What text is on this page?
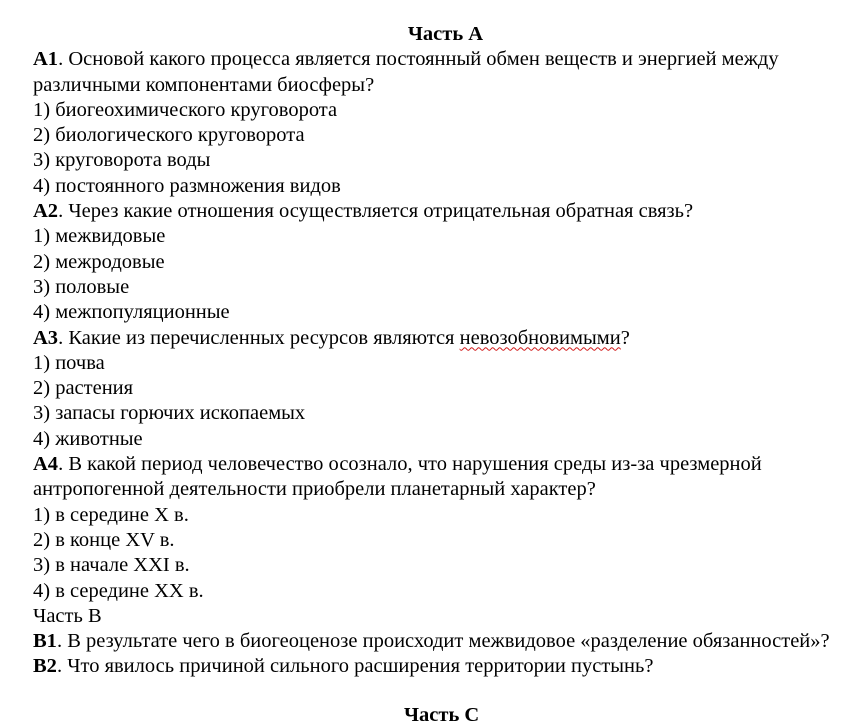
Часть А
А1. Основой какого процесса является постоянный обмен веществ и энергией между различными компонентами биосферы?
1) биогеохимического круговорота
2) биологического круговорота
3) круговорота воды
4) постоянного размножения видов
А2. Через какие отношения осуществляется отрицательная обратная связь?
1) межвидовые
2) межродовые
3) половые
4) межпопуляционные
А3. Какие из перечисленных ресурсов являются невозобновимыми?
1) почва
2) растения
3) запасы горючих ископаемых
4) животные
А4. В какой период человечество осознало, что нарушения среды из-за чрезмерной антропогенной деятельности приобрели планетарный характер?
1) в середине X в.
2) в конце XV в.
3) в начале XXI в.
4) в середине XX в.
Часть В
В1. В результате чего в биогеоценозе происходит межвидовое «разделение обязанностей»?
В2. Что явилось причиной сильного расширения территории пустынь?
Часть С
